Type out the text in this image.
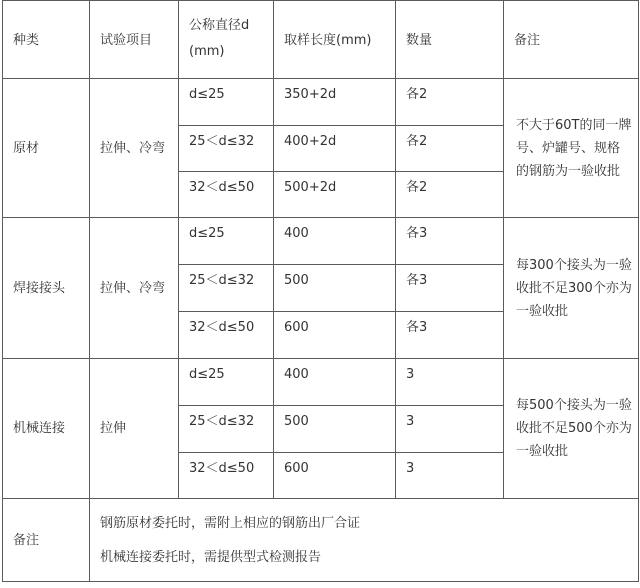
种类	试验项目	公称直径d (mm)	取样长度(mm)	数量	备注
原材	拉伸、冷弯	d≤25	350+2d	各2	不大于60T的同一牌号、炉罐号、规格的钢筋为一验收批
		25＜d≤32	400+2d	各2	
		32＜d≤50	500+2d	各2	
焊接接头	拉伸、冷弯	d≤25	400	各3	每300个接头为一验收批不足300个亦为一验收批
		25＜d≤32	500	各3	
		32＜d≤50	600	各3	
机械连接	拉伸	d≤25	400	3	每500个接头为一验收批不足500个亦为一验收批
		25＜d≤32	500	3	
		32＜d≤50	600	3	
备注	钢筋原材委托时，需附上相应的钢筋出厂合证
机械连接委托时，需提供型式检测报告				
